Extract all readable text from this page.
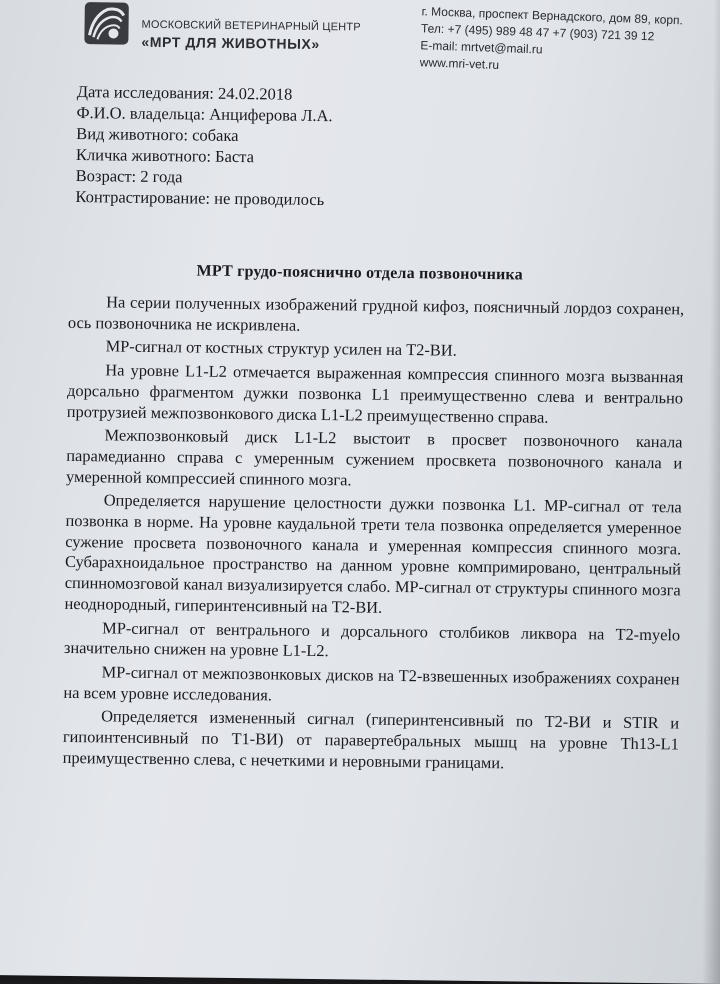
МОСКОВСКИЙ ВЕТЕРИНАРНЫЙ ЦЕНТР
«МРТ ДЛЯ ЖИВОТНЫХ»
г. Москва, проспект Вернадского, дом 89, корп.
Тел: +7 (495) 989 48 47 +7 (903) 721 39 12
E-mail: mrtvet@mail.ru
www.mri-vet.ru
Дата исследования: 24.02.2018
Ф.И.О. владельца: Анциферова Л.А.
Вид животного: собака
Кличка животного: Баста
Возраст: 2 года
Контрастирование: не проводилось
МРТ грудо-пояснично отдела позвоночника

На серии полученных изображений грудной кифоз, поясничный лордоз сохранен, ось позвоночника не искривлена.

МР-сигнал от костных структур усилен на Т2-ВИ.

На уровне L1-L2 отмечается выраженная компрессия спинного мозга вызванная дорсально фрагментом дужки позвонка L1 преимущественно слева и вентрально протрузией межпозвонкового диска L1-L2 преимущественно справа.

Межпозвонковый диск L1-L2 выстоит в просвет позвоночного канала парамедианно справа с умеренным сужением просвкета позвоночного канала и умеренной компрессией спинного мозга.

Определяется нарушение целостности дужки позвонка L1. МР-сигнал от тела позвонка в норме. На уровне каудальной трети тела позвонка определяется умеренное сужение просвета позвоночного канала и умеренная компрессия спинного мозга. Субарахноидальное пространство на данном уровне компримировано, центральный спинномозговой канал визуализируется слабо. МР-сигнал от структуры спинного мозга неоднородный, гиперинтенсивный на Т2-ВИ.

МР-сигнал от вентрального и дорсального столбиков ликвора на Т2-myelo значительно снижен на уровне L1-L2.

МР-сигнал от межпозвонковых дисков на Т2-взвешенных изображениях сохранен на всем уровне исследования.

Определяется измененный сигнал (гиперинтенсивный по Т2-ВИ и STIR и гипоинтенсивный по Т1-ВИ) от паравертебральных мышц на уровне Th13-L1 преимущественно слева, с нечеткими и неровными границами.
